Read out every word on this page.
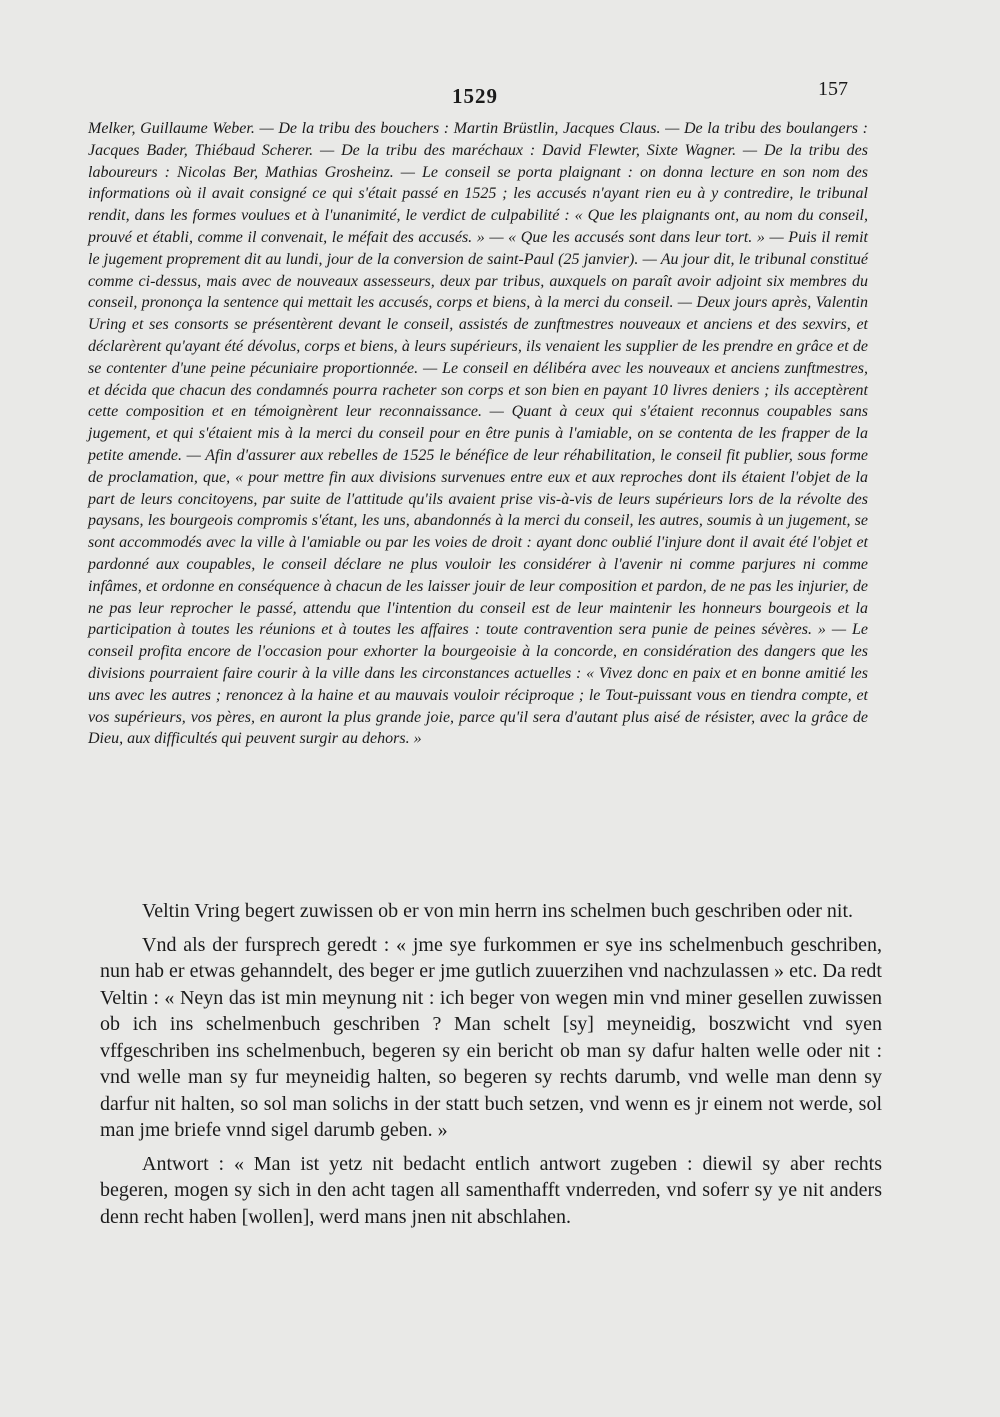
1529	157

Melker, Guillaume Weber. — De la tribu des bouchers : Martin Brüstlin, Jacques Claus. — De la tribu des boulangers : Jacques Bader, Thiébaud Scherer. — De la tribu des maréchaux : David Flewter, Sixte Wagner. — De la tribu des laboureurs : Nicolas Ber, Mathias Grosheinz. — Le conseil se porta plaignant : on donna lecture en son nom des informations où il avait consigné ce qui s'était passé en 1525 ; les accusés n'ayant rien eu à y contredire, le tribunal rendit, dans les formes voulues et à l'unanimité, le verdict de culpabilité : « Que les plaignants ont, au nom du conseil, prouvé et établi, comme il convenait, le méfait des accusés. » — « Que les accusés sont dans leur tort. » — Puis il remit le jugement proprement dit au lundi, jour de la conversion de saint-Paul (25 janvier). — Au jour dit, le tribunal constitué comme ci-dessus, mais avec de nouveaux assesseurs, deux par tribus, auxquels on paraît avoir adjoint six membres du conseil, prononça la sentence qui mettait les accusés, corps et biens, à la merci du conseil. — Deux jours après, Valentin Uring et ses consorts se présentèrent devant le conseil, assistés de zunftmestres nouveaux et anciens et des sexvirs, et déclarèrent qu'ayant été dévolus, corps et biens, à leurs supérieurs, ils venaient les supplier de les prendre en grâce et de se contenter d'une peine pécuniaire proportionnée. — Le conseil en délibéra avec les nouveaux et anciens zunftmestres, et décida que chacun des condamnés pourra racheter son corps et son bien en payant 10 livres deniers ; ils acceptèrent cette composition et en témoignèrent leur reconnaissance. — Quant à ceux qui s'étaient reconnus coupables sans jugement, et qui s'étaient mis à la merci du conseil pour en être punis à l'amiable, on se contenta de les frapper de la petite amende. — Afin d'assurer aux rebelles de 1525 le bénéfice de leur réhabilitation, le conseil fit publier, sous forme de proclamation, que, « pour mettre fin aux divisions survenues entre eux et aux reproches dont ils étaient l'objet de la part de leurs concitoyens, par suite de l'attitude qu'ils avaient prise vis-à-vis de leurs supérieurs lors de la révolte des paysans, les bourgeois compromis s'étant, les uns, abandonnés à la merci du conseil, les autres, soumis à un jugement, se sont accommodés avec la ville à l'amiable ou par les voies de droit : ayant donc oublié l'injure dont il avait été l'objet et pardonné aux coupables, le conseil déclare ne plus vouloir les considérer à l'avenir ni comme parjures ni comme infâmes, et ordonne en conséquence à chacun de les laisser jouir de leur composition et pardon, de ne pas les injurier, de ne pas leur reprocher le passé, attendu que l'intention du conseil est de leur maintenir les honneurs bourgeois et la participation à toutes les réunions et à toutes les affaires : toute contravention sera punie de peines sévères. » — Le conseil profita encore de l'occasion pour exhorter la bourgeoisie à la concorde, en considération des dangers que les divisions pourraient faire courir à la ville dans les circonstances actuelles : « Vivez donc en paix et en bonne amitié les uns avec les autres ; renoncez à la haine et au mauvais vouloir réciproque ; le Tout-puissant vous en tiendra compte, et vos supérieurs, vos pères, en auront la plus grande joie, parce qu'il sera d'autant plus aisé de résister, avec la grâce de Dieu, aux difficultés qui peuvent surgir au dehors. »

Veltin Vring begert zuwissen ob er von min herrn ins schelmen buch geschriben oder nit.

Vnd als der fursprech geredt : « jme sye furkommen er sye ins schelmenbuch geschriben, nun hab er etwas gehanndelt, des beger er jme gutlich zuuerzihen vnd nachzulassen » etc. Da redt Veltin : « Neyn das ist min meynung nit : ich beger von wegen min vnd miner gesellen zuwissen ob ich ins schelmenbuch geschriben ? Man schelt [sy] meyneidig, boszwicht vnd syen vffgeschriben ins schelmenbuch, begeren sy ein bericht ob man sy dafur halten welle oder nit : vnd welle man sy fur meyneidig halten, so begeren sy rechts darumb, vnd welle man denn sy darfur nit halten, so sol man solichs in der statt buch setzen, vnd wenn es jr einem not werde, sol man jme briefe vnnd sigel darumb geben. »

Antwort : « Man ist yetz nit bedacht entlich antwort zugeben : diewil sy aber rechts begeren, mogen sy sich in den acht tagen all samenthafft vnderreden, vnd soferr sy ye nit anders denn recht haben [wollen], werd mans jnen nit abschlahen.
